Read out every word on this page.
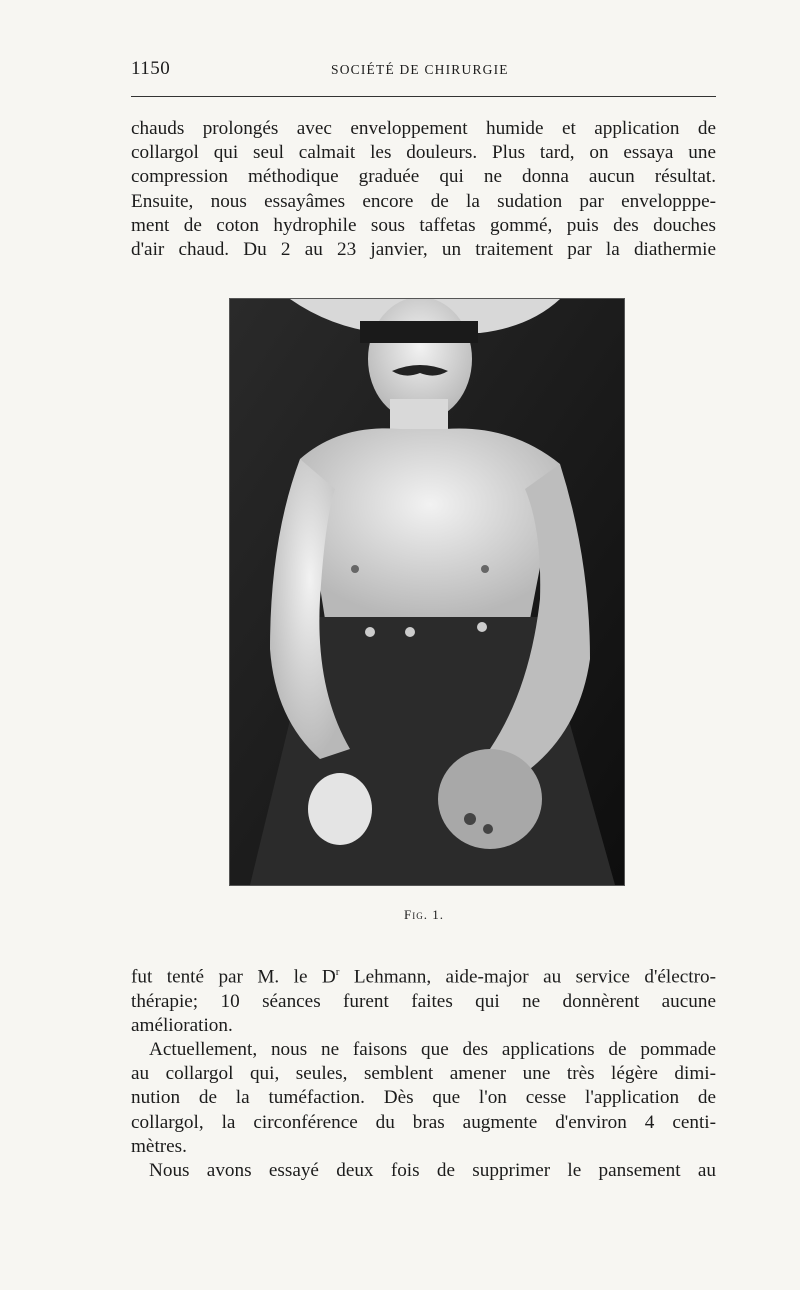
1150	SOCIÉTÉ DE CHIRURGIE
chauds prolongés avec enveloppement humide et application de
collargol qui seul calmait les douleurs. Plus tard, on essaya une
compression méthodique graduée qui ne donna aucun résultat.
Ensuite, nous essayâmes encore de la sudation par envelopppe-
ment de coton hydrophile sous taffetas gommé, puis des douches
d'air chaud. Du 2 au 23 janvier, un traitement par la diathermie
Fig. 1.
fut tenté par M. le $D^r$ Lehmann, aide-major au service d'électro-
thérapie; 10 séances furent faites qui ne donnèrent aucune
amélioration.
Actuellement, nous ne faisons que des applications de pommade
au collargol qui, seules, semblent amener une très légère dimi-
nution de la tuméfaction. Dès que l'on cesse l'application de
collargol, la circonférence du bras augmente d'environ 4 centi-
mètres.
Nous avons essayé deux fois de supprimer le pansement au
